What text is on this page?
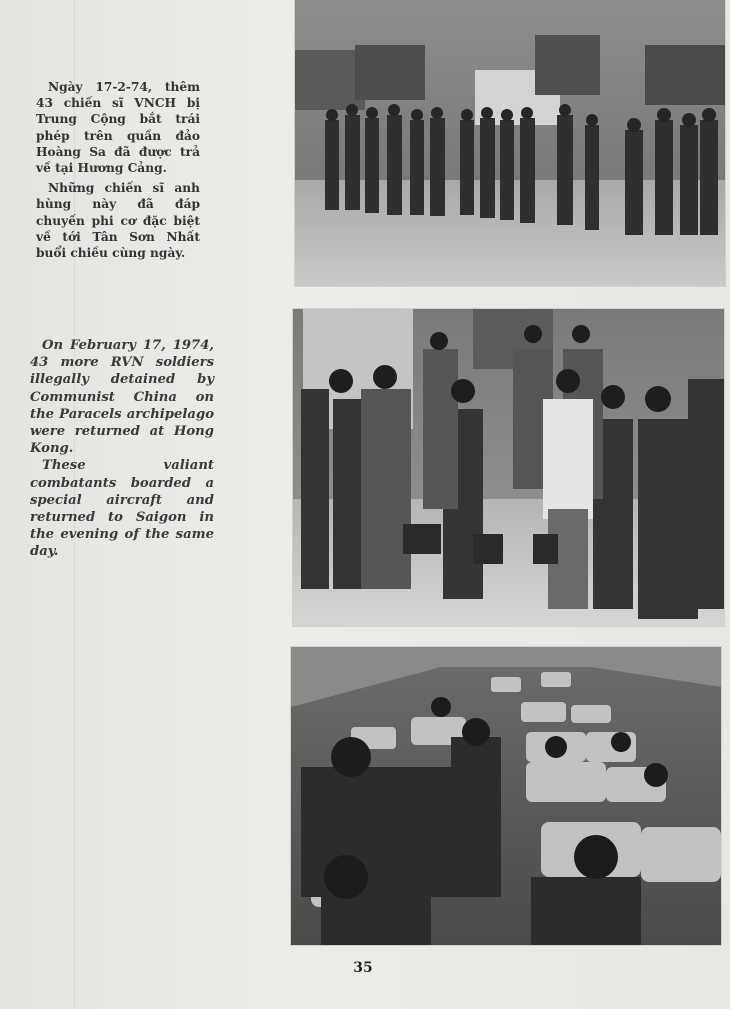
Ngày 17-2-74, thêm 43 chiến sĩ VNCH bị Trung Cộng bắt trái phép trên quần đảo Hoàng Sa đã được trả về tại Hương Cảng.

Những chiến sĩ anh hùng này đã đáp chuyến phi cơ đặc biệt về tới Tân Sơn Nhất buổi chiều cùng ngày.

On February 17, 1974, 43 more RVN soldiers illegally detained by Communist China on the Paracels archipelago were returned at Hong Kong.

These valiant combatants boarded a special aircraft and returned to Saigon in the evening of the same day.

35
